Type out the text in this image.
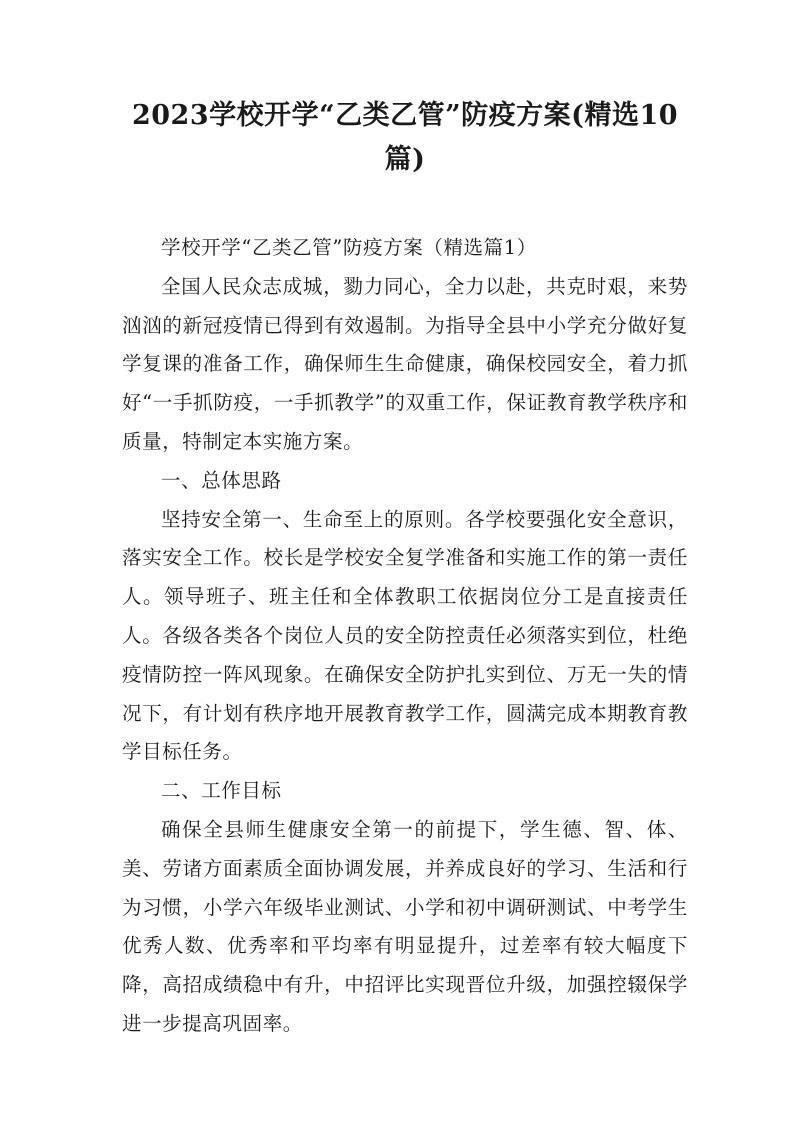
2023学校开学“乙类乙管”防疫方案(精选10篇)

学校开学“乙类乙管”防疫方案（精选篇1）

全国人民众志成城，勠力同心，全力以赴，共克时艰，来势汹汹的新冠疫情已得到有效遏制。为指导全县中小学充分做好复学复课的准备工作，确保师生生命健康，确保校园安全，着力抓好“一手抓防疫，一手抓教学”的双重工作，保证教育教学秩序和质量，特制定本实施方案。

一、总体思路

坚持安全第一、生命至上的原则。各学校要强化安全意识，落实安全工作。校长是学校安全复学准备和实施工作的第一责任人。领导班子、班主任和全体教职工依据岗位分工是直接责任人。各级各类各个岗位人员的安全防控责任必须落实到位，杜绝疫情防控一阵风现象。在确保安全防护扎实到位、万无一失的情况下，有计划有秩序地开展教育教学工作，圆满完成本期教育教学目标任务。

二、工作目标

确保全县师生健康安全第一的前提下，学生德、智、体、美、劳诸方面素质全面协调发展，并养成良好的学习、生活和行为习惯，小学六年级毕业测试、小学和初中调研测试、中考学生优秀人数、优秀率和平均率有明显提升，过差率有较大幅度下降，高招成绩稳中有升，中招评比实现晋位升级，加强控辍保学进一步提高巩固率。
